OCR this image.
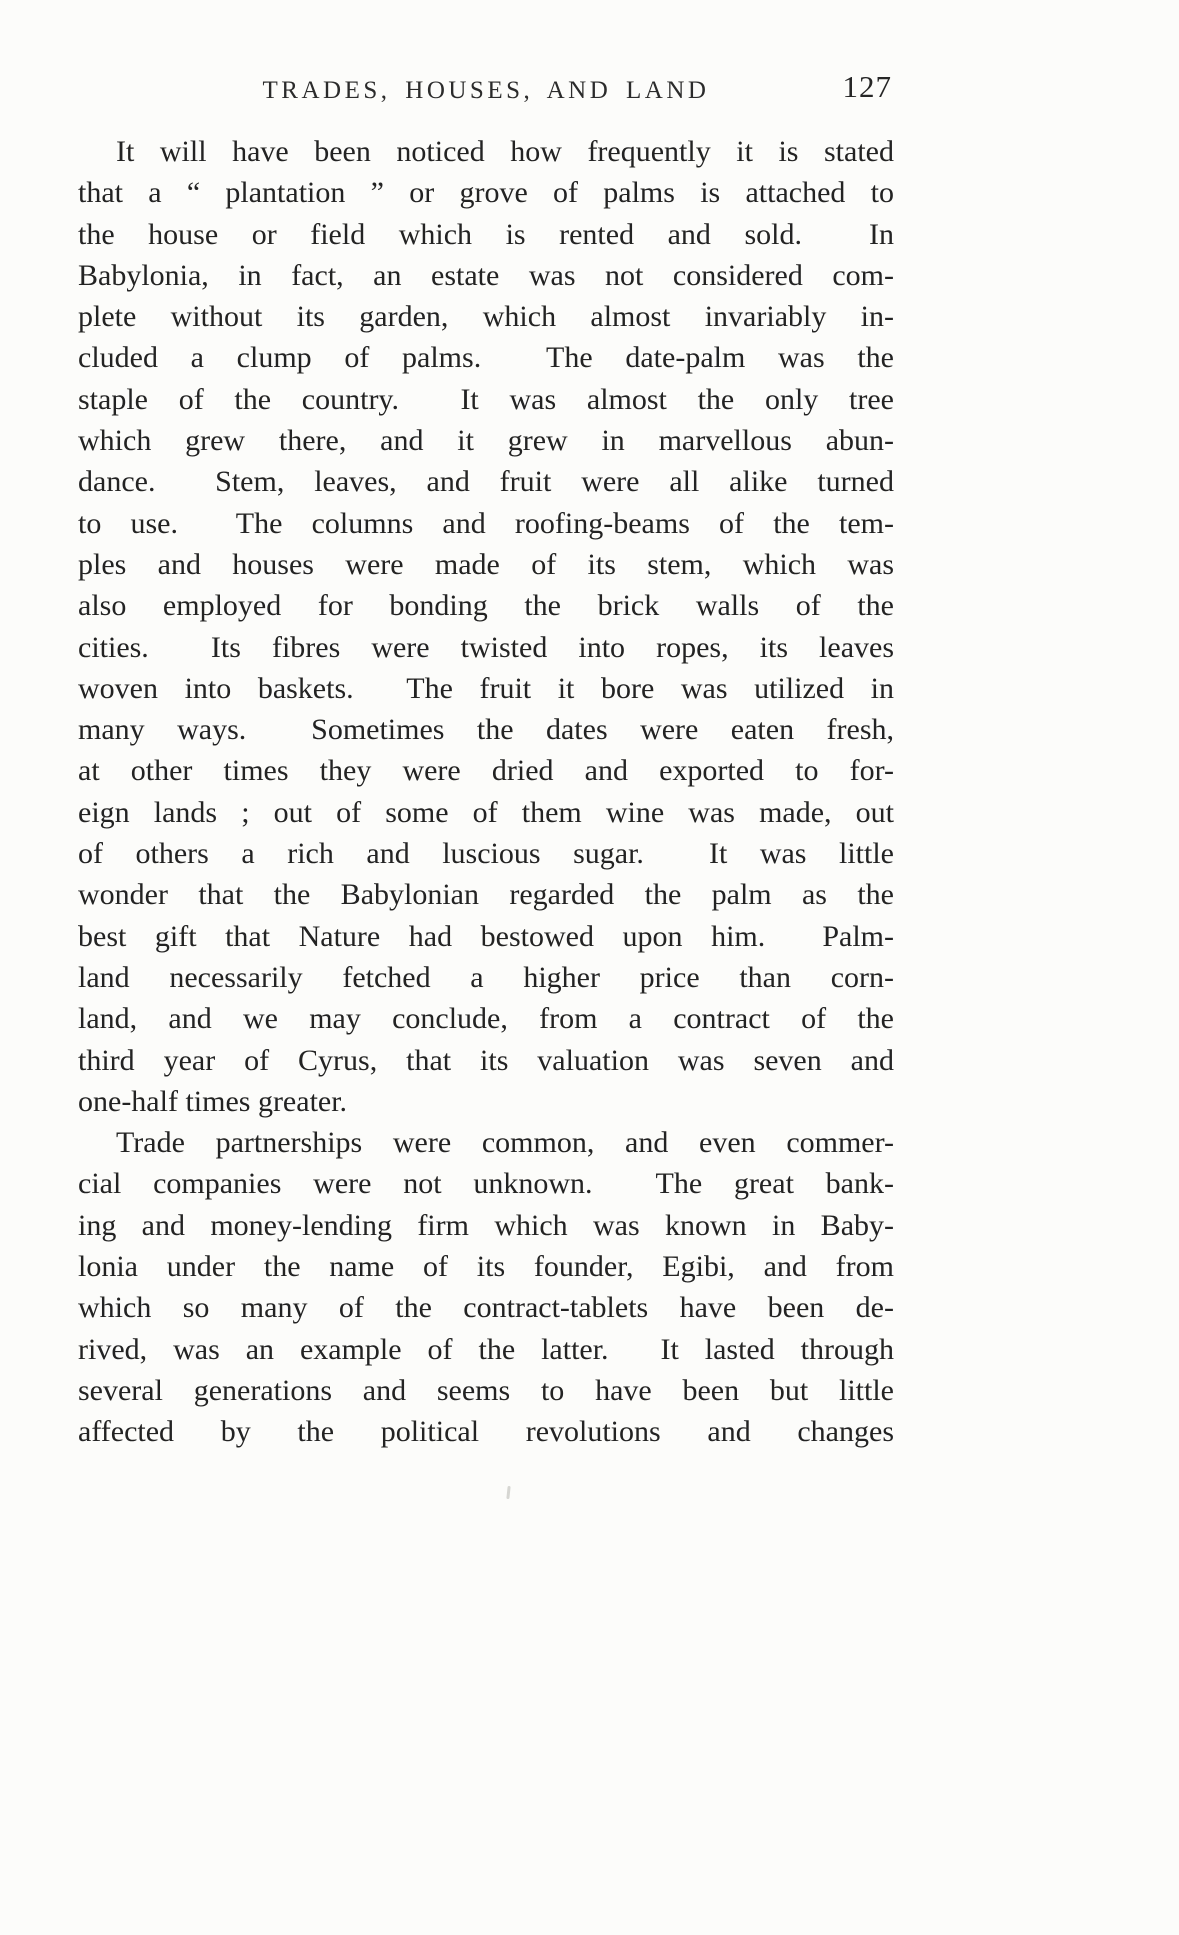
TRADES, HOUSES, AND LAND	127
It will have been noticed how frequently it is stated
that a “ plantation ” or grove of palms is attached to
the house or field which is rented and sold.  In
Babylonia, in fact, an estate was not considered com-
plete without its garden, which almost invariably in-
cluded a clump of palms.  The date-palm was the
staple of the country.  It was almost the only tree
which grew there, and it grew in marvellous abun-
dance.  Stem, leaves, and fruit were all alike turned
to use.  The columns and roofing-beams of the tem-
ples and houses were made of its stem, which was
also employed for bonding the brick walls of the
cities.  Its fibres were twisted into ropes, its leaves
woven into baskets.  The fruit it bore was utilized in
many ways.  Sometimes the dates were eaten fresh,
at other times they were dried and exported to for-
eign lands ; out of some of them wine was made, out
of others a rich and luscious sugar.  It was little
wonder that the Babylonian regarded the palm as the
best gift that Nature had bestowed upon him.  Palm-
land necessarily fetched a higher price than corn-
land, and we may conclude, from a contract of the
third year of Cyrus, that its valuation was seven and
one-half times greater.
Trade partnerships were common, and even commer-
cial companies were not unknown.  The great bank-
ing and money-lending firm which was known in Baby-
lonia under the name of its founder, Egibi, and from
which so many of the contract-tablets have been de-
rived, was an example of the latter.  It lasted through
several generations and seems to have been but little
affected by the political revolutions and changes
